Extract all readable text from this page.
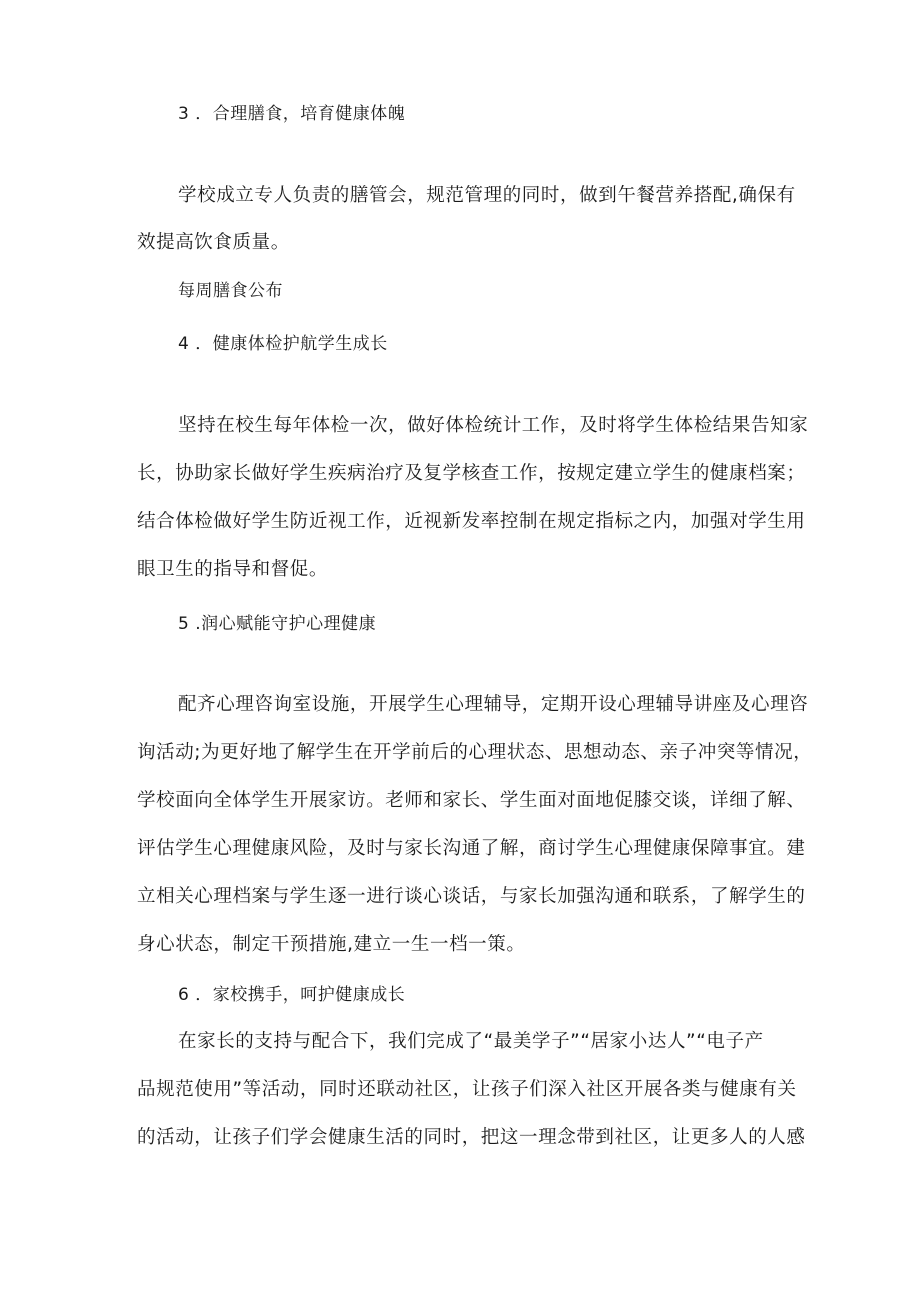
3 ．合理膳食，培育健康体魄
学校成立专人负责的膳管会，规范管理的同时，做到午餐营养搭配,确保有
效提高饮食质量。
每周膳食公布
4 ．健康体检护航学生成长
坚持在校生每年体检一次，做好体检统计工作，及时将学生体检结果告知家
长，协助家长做好学生疾病治疗及复学核查工作，按规定建立学生的健康档案；
结合体检做好学生防近视工作，近视新发率控制在规定指标之内，加强对学生用
眼卫生的指导和督促。
5 .润心赋能守护心理健康
配齐心理咨询室设施，开展学生心理辅导，定期开设心理辅导讲座及心理咨
询活动;为更好地了解学生在开学前后的心理状态、思想动态、亲子冲突等情况，
学校面向全体学生开展家访。老师和家长、学生面对面地促膝交谈，详细了解、
评估学生心理健康风险，及时与家长沟通了解，商讨学生心理健康保障事宜。建
立相关心理档案与学生逐一进行谈心谈话，与家长加强沟通和联系，了解学生的
身心状态，制定干预措施,建立一生一档一策。
6 ．家校携手，呵护健康成长
在家长的支持与配合下，我们完成了“最美学子”“居家小达人”“电子产
品规范使用”等活动，同时还联动社区，让孩子们深入社区开展各类与健康有关
的活动，让孩子们学会健康生活的同时，把这一理念带到社区，让更多人的人感
